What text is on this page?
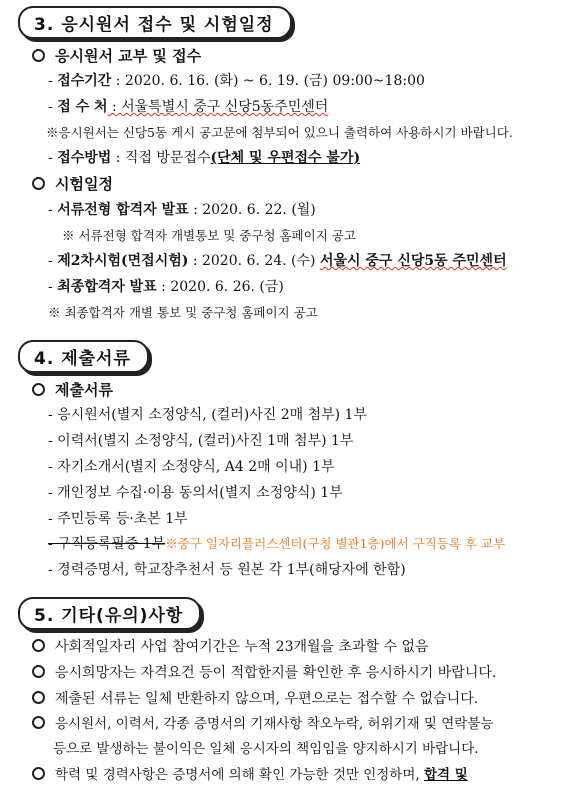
3. 응시원서 접수 및 시험일정
응시원서 교부 및 접수
- 접수기간 : 2020. 6. 16. (화) ~ 6. 19. (금) 09:00~18:00
- 접 수 처 : 서울특별시 중구 신당5동주민센터
※응시원서는 신당5동 게시 공고문에 첨부되어 있으니 출력하여 사용하시기 바랍니다.
- 접수방법 : 직접 방문접수(단체 및 우편접수 불가)
시험일정
- 서류전형 합격자 발표 : 2020. 6. 22. (월)
※ 서류전형 합격자 개별통보 및 중구청 홈페이지 공고
- 제2차시험(면접시험) : 2020. 6. 24. (수) 서울시 중구 신당5동 주민센터
- 최종합격자 발표 : 2020. 6. 26. (금)
※ 최종합격자 개별 통보 및 중구청 홈페이지 공고
4. 제출서류
제출서류
- 응시원서(별지 소정양식, (컬러)사진 2매 첨부) 1부
- 이력서(별지 소정양식, (컬러)사진 1매 첨부) 1부
- 자기소개서(별지 소정양식, A4 2매 이내) 1부
- 개인정보 수집·이용 동의서(별지 소정양식) 1부
- 주민등록 등·초본 1부
- 구직등록필증 1부※중구 일자리플러스센터(구청 별관1층)에서 구직등록 후 교부
- 경력증명서, 학교장추천서 등 원본 각 1부(해당자에 한함)
5. 기타(유의)사항
사회적일자리 사업 참여기간은 누적 23개월을 초과할 수 없음
응시희망자는 자격요건 등이 적합한지를 확인한 후 응시하시기 바랍니다.
제출된 서류는 일체 반환하지 않으며, 우편으로는 접수할 수 없습니다.
응시원서, 이력서, 각종 증명서의 기재사항 착오누락, 허위기재 및 연락불능
등으로 발생하는 불이익은 일체 응시자의 책임임을 양지하시기 바랍니다.
학력 및 경력사항은 증명서에 의해 확인 가능한 것만 인정하며, 합격 및
